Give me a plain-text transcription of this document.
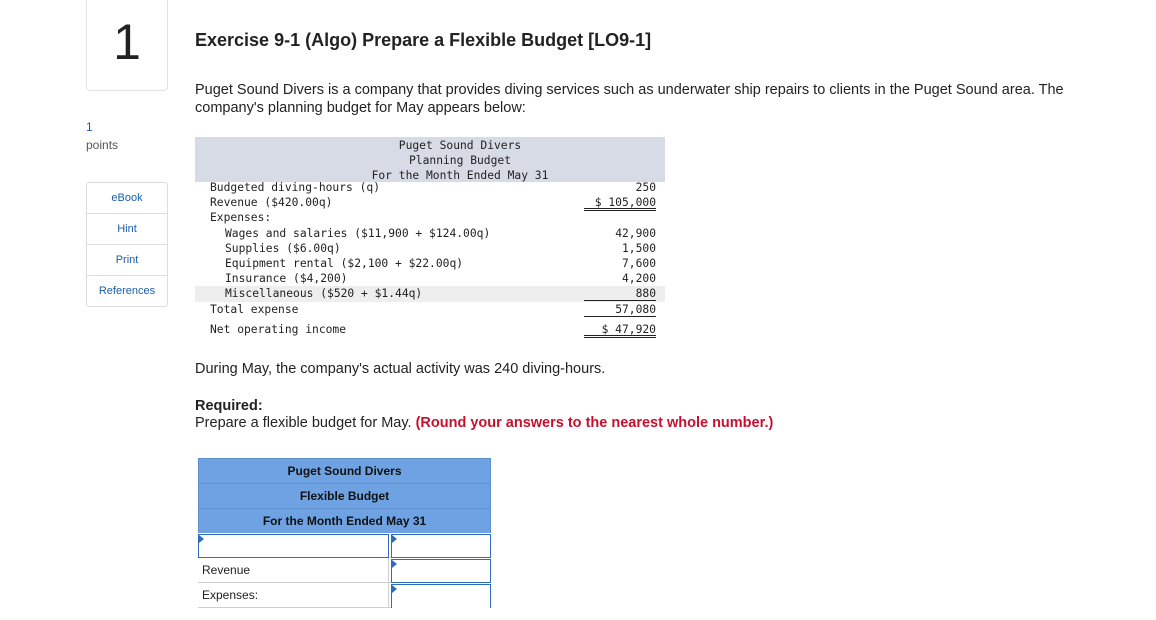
1
1
points
eBook
Hint
Print
References
Exercise 9-1 (Algo) Prepare a Flexible Budget [LO9-1]
Puget Sound Divers is a company that provides diving services such as underwater ship repairs to clients in the Puget Sound area. The company's planning budget for May appears below:
Puget Sound Divers
Planning Budget
For the Month Ended May 31
Budgeted diving-hours (q)	250
Revenue ($420.00q)	$ 105,000
Expenses:
Wages and salaries ($11,900 + $124.00q)	42,900
Supplies ($6.00q)	1,500
Equipment rental ($2,100 + $22.00q)	7,600
Insurance ($4,200)	4,200
Miscellaneous ($520 + $1.44q)	880
Total expense	57,080
Net operating income	$ 47,920
During May, the company's actual activity was 240 diving-hours.
Required:
Prepare a flexible budget for May. (Round your answers to the nearest whole number.)
Puget Sound Divers
Flexible Budget
For the Month Ended May 31
Revenue
Expenses:
